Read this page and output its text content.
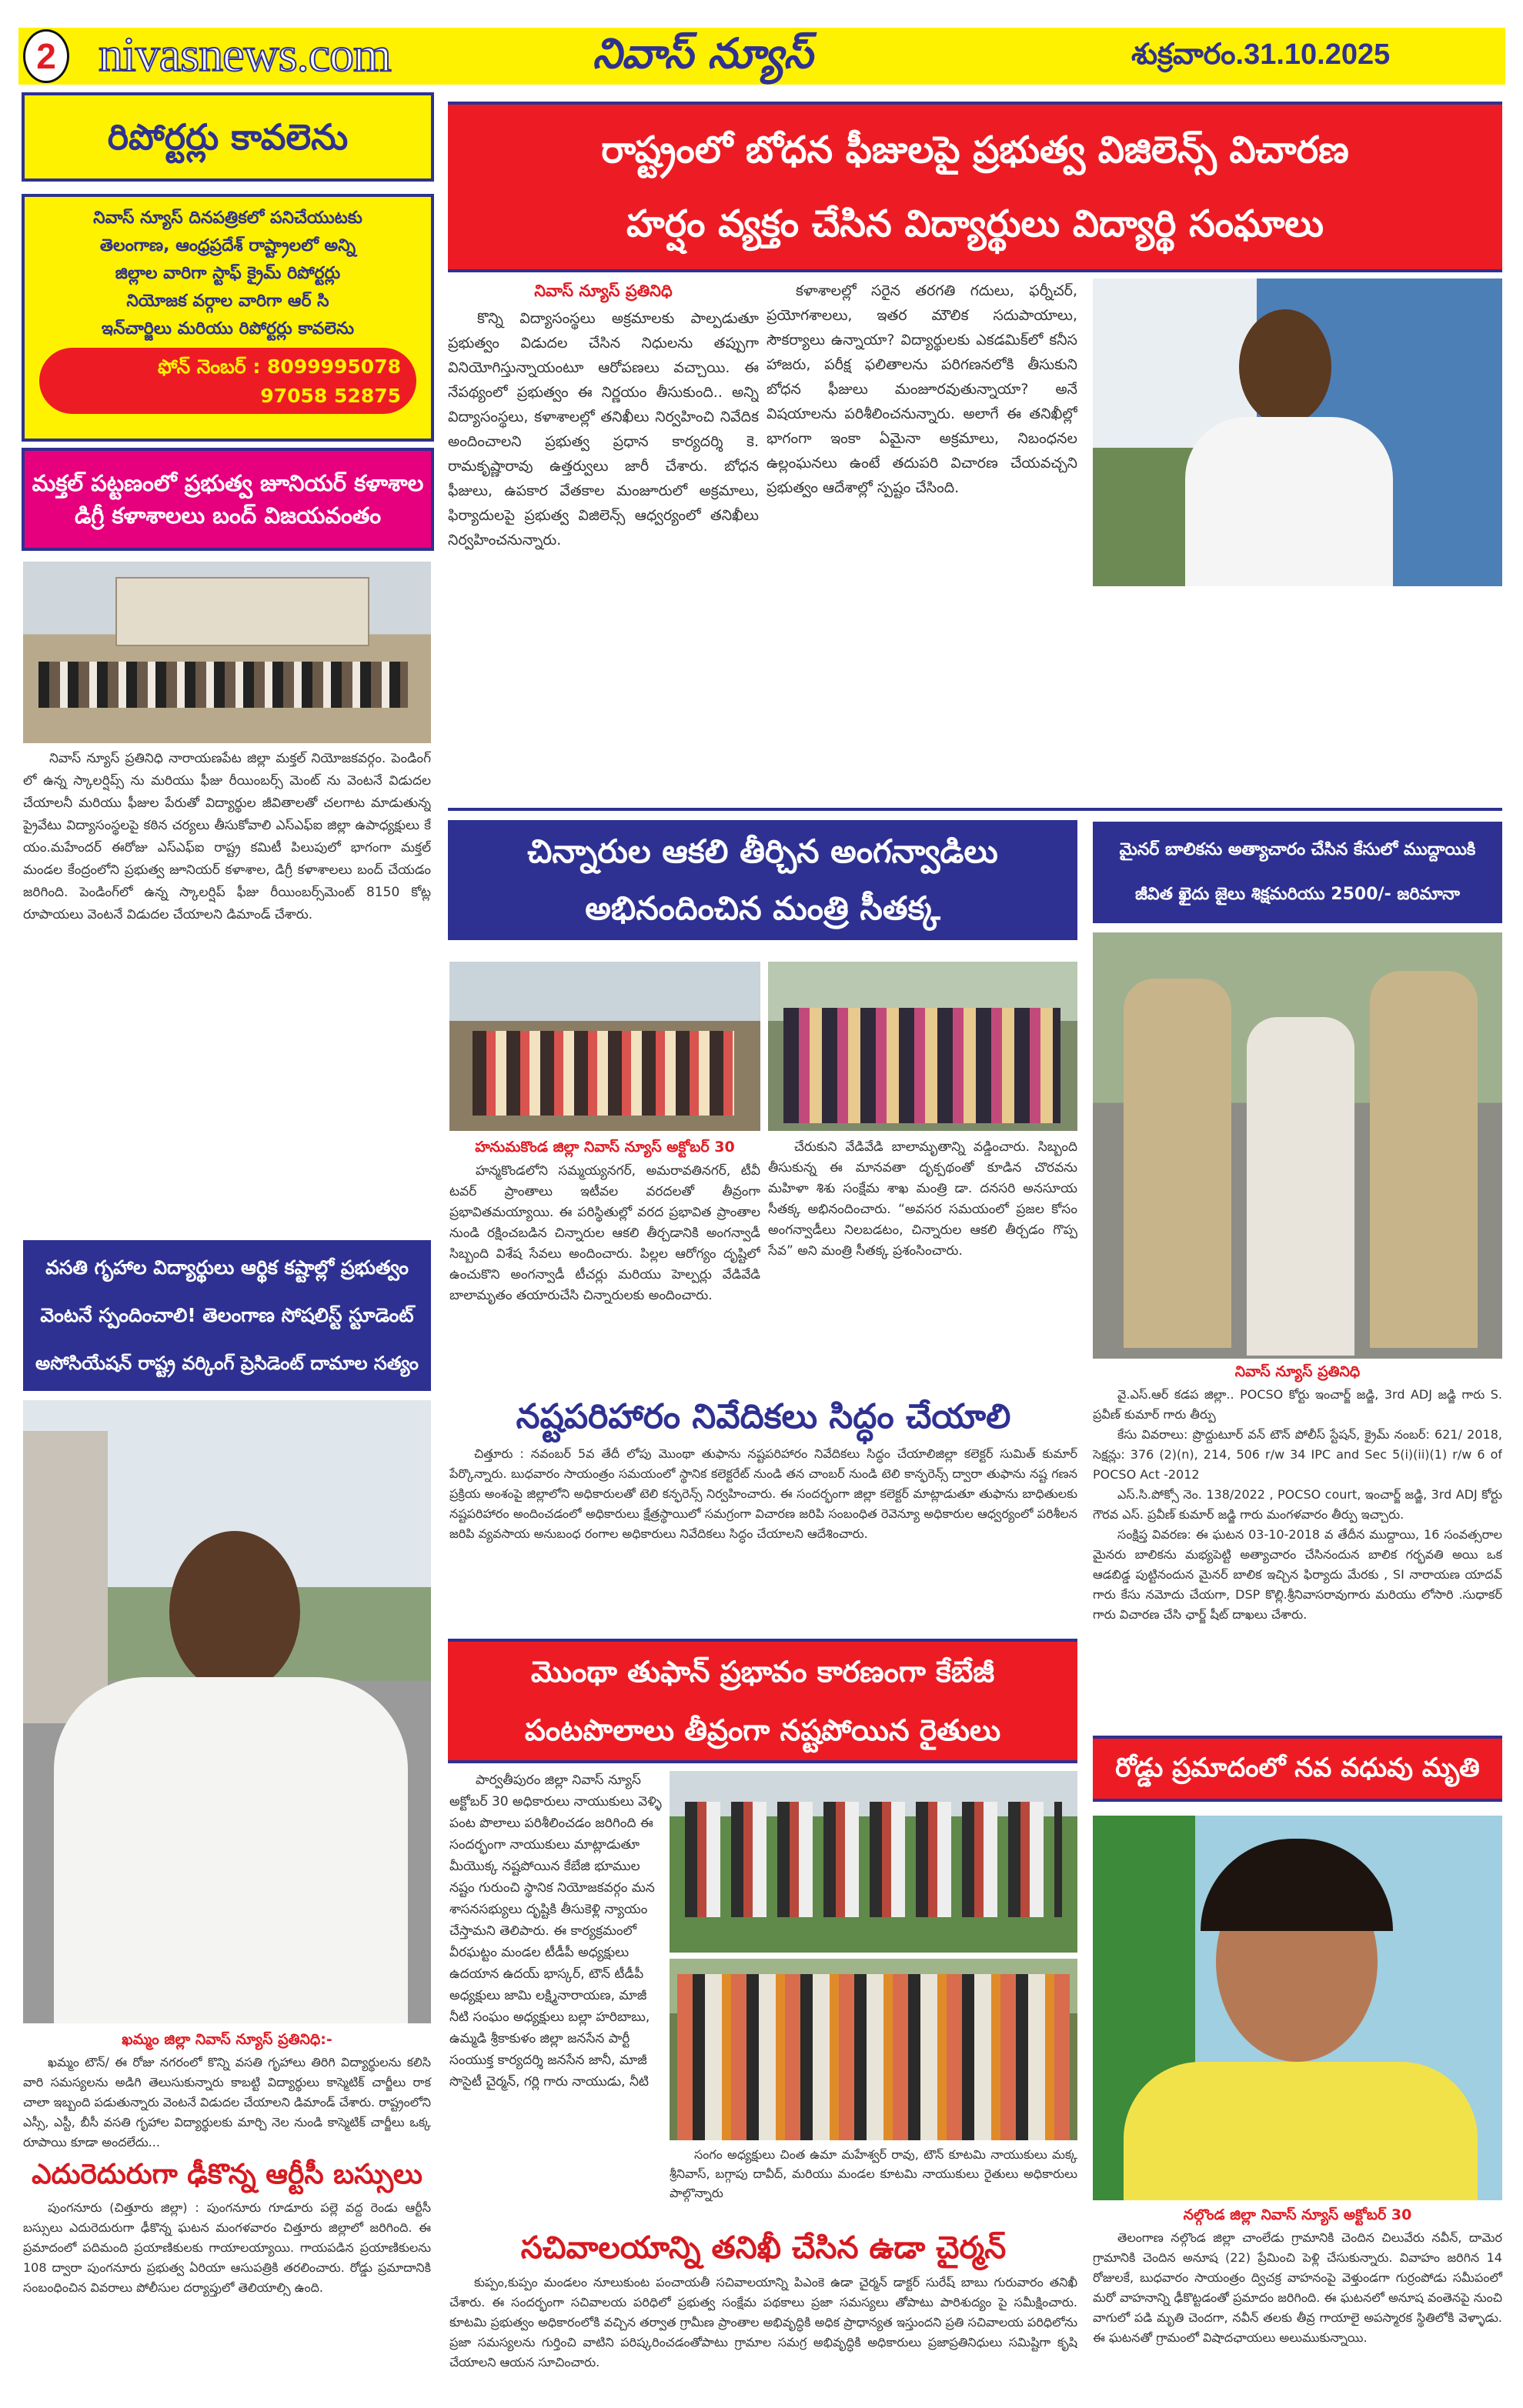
2 nivasnews.com	నివాస్ న్యూస్	శుక్రవారం.31.10.2025
రిపోర్టర్లు కావలెను
నివాస్ న్యూస్ దినపత్రికలో పనిచేయుటకు
తెలంగాణ, ఆంధ్రప్రదేశ్ రాష్ట్రాలలో అన్ని
జిల్లాల వారిగా స్టాఫ్ క్రైమ్ రిపోర్టర్లు
నియోజక వర్గాల వారిగా ఆర్ సి
ఇన్‌చార్జిలు మరియు రిపోర్టర్లు కావలెను
ఫోన్ నెంబర్ : 8099995078
97058 52875
మక్తల్ పట్టణంలో ప్రభుత్వ జూనియర్ కళాశాల
డిగ్రీ కళాశాలలు బంద్ విజయవంతం

నివాస్ న్యూస్ ప్రతినిధి నారాయణపేట జిల్లా మక్తల్ నియోజకవర్గం. పెండింగ్ లో ఉన్న స్కాలర్షిప్స్ ను మరియు ఫీజు రీయింబర్స్ మెంట్ ను వెంటనే విడుదల చేయాలనీ మరియు ఫీజుల పేరుతో విద్యార్థుల జీవితాలతో చలగాట మాడుతున్న ప్రైవేటు విద్యాసంస్థలపై కఠిన చర్యలు తీసుకోవాలి ఎస్ఎఫ్ఐ జిల్లా ఉపాధ్యక్షులు కే యం.మహేందర్ ఈరోజు ఎస్ఎఫ్ఐ రాష్ట్ర కమిటీ పిలుపులో భాగంగా మక్తల్ మండల కేంద్రంలోని ప్రభుత్వ జూనియర్ కళాశాల, డిగ్రీ కళాశాలలు బంద్ చేయడం జరిగింది. పెండింగ్‌లో ఉన్న స్కాలర్షిప్ ఫీజు రీయింబర్స్‌మెంట్ 8150 కోట్ల రూపాయలు వెంటనే విడుదల చేయాలని డిమాండ్ చేశారు.

వసతి గృహాల విద్యార్థులు ఆర్థిక కష్టాల్లో ప్రభుత్వం
వెంటనే స్పందించాలి! తెలంగాణ సోషలిస్ట్ స్టూడెంట్
అసోసియేషన్ రాష్ట్ర వర్కింగ్ ప్రెసిడెంట్ దామాల సత్యం
ఖమ్మం జిల్లా నివాస్ న్యూస్ ప్రతినిధి:-

ఖమ్మం టౌన్/ ఈ రోజు నగరంలో కొన్ని వసతి గృహాలు తిరిగి విద్యార్థులను కలిసి వారి సమస్యలను అడిగి తెలుసుకున్నారు కాబట్టి విద్యార్థులు కాస్మెటిక్ చార్జీలు రాక చాలా ఇబ్బంది పడుతున్నారు వెంటనే విడుదల చేయాలని డిమాండ్ చేశారు. రాష్ట్రంలోని ఎస్సీ, ఎస్టీ, బీసీ వసతి గృహాల విద్యార్థులకు మార్చి నెల నుండి కాస్మెటిక్ చార్జీలు ఒక్క రూపాయి కూడా అందలేదు...

ఎదురెదురుగా ఢీకొన్న ఆర్టీసీ బస్సులు

పుంగనూరు (చిత్తూరు జిల్లా) : పుంగనూరు గూడూరు పల్లె వద్ద రెండు ఆర్టీసీ బస్సులు ఎదురెదురుగా ఢీకొన్న ఘటన మంగళవారం చిత్తూరు జిల్లాలో జరిగింది. ఈ ప్రమాదంలో పదిమంది ప్రయాణికులకు గాయాలయ్యాయి. గాయపడిన ప్రయాణికులను 108 ద్వారా పుంగనూరు ప్రభుత్వ ఏరియా ఆసుపత్రికి తరలించారు. రోడ్డు ప్రమాదానికి సంబంధించిన వివరాలు పోలీసుల దర్యాప్తులో తెలియాల్సి ఉంది.

రాష్ట్రంలో బోధన ఫీజులపై ప్రభుత్వ విజిలెన్స్ విచారణ
హర్షం వ్యక్తం చేసిన విద్యార్థులు విద్యార్థి సంఘాలు
నివాస్ న్యూస్ ప్రతినిధి

కొన్ని విద్యాసంస్థలు అక్రమాలకు పాల్పడుతూ ప్రభుత్వం విడుదల చేసిన నిధులను తప్పుగా వినియోగిస్తున్నాయంటూ ఆరోపణలు వచ్చాయి. ఈ నేపథ్యంలో ప్రభుత్వం ఈ నిర్ణయం తీసుకుంది.. అన్ని విద్యాసంస్థలు, కళాశాలల్లో తనిఖీలు నిర్వహించి నివేదిక అందించాలని ప్రభుత్వ ప్రధాన కార్యదర్శి కె. రామకృష్ణారావు ఉత్తర్వులు జారీ చేశారు. బోధన ఫీజులు, ఉపకార వేతకాల మంజూరులో అక్రమాలు, ఫిర్యాదులపై ప్రభుత్వ విజిలెన్స్ ఆధ్వర్యంలో తనిఖీలు నిర్వహించనున్నారు.

కళాశాలల్లో సరైన తరగతి గదులు, ఫర్నీచర్, ప్రయోగశాలలు, ఇతర మౌలిక సదుపాయాలు, సౌకర్యాలు ఉన్నాయా? విద్యార్థులకు ఎకడమిక్‌లో కనీస హాజరు, పరీక్ష ఫలితాలను పరిగణనలోకి తీసుకుని బోధన ఫీజులు మంజూరవుతున్నాయా? అనే విషయాలను పరిశీలించనున్నారు. అలాగే ఈ తనిఖీల్లో భాగంగా ఇంకా ఏమైనా అక్రమాలు, నిబంధనల ఉల్లంఘనలు ఉంటే తదుపరి విచారణ చేయవచ్చని ప్రభుత్వం ఆదేశాల్లో స్పష్టం చేసింది.

చిన్నారుల ఆకలి తీర్చిన అంగన్వాడిలు
అభినందించిన మంత్రి సీతక్క
హనుమకొండ జిల్లా నివాస్ న్యూస్ అక్టోబర్ 30

హన్మకొండలోని సమ్మయ్యనగర్, అమరావతినగర్, టీవీ టవర్ ప్రాంతాలు ఇటీవల వరదలతో తీవ్రంగా ప్రభావితమయ్యాయి. ఈ పరిస్థితుల్లో వరద ప్రభావిత ప్రాంతాల నుండి రక్షించబడిన చిన్నారుల ఆకలి తీర్చడానికి అంగన్వాడీ సిబ్బంది విశేష సేవలు అందించారు. పిల్లల ఆరోగ్యం దృష్టిలో ఉంచుకొని అంగన్వాడీ టీచర్లు మరియు హెల్పర్లు వేడివేడి బాలామృతం తయారుచేసి చిన్నారులకు అందించారు.

చేరుకుని వేడివేడి బాలామృతాన్ని వడ్డించారు. సిబ్బంది తీసుకున్న ఈ మానవతా దృక్పథంతో కూడిన చొరవను మహిళా శిశు సంక్షేమ శాఖ మంత్రి డా. దనసరి అనసూయ సీతక్క అభినందించారు. “అవసర సమయంలో ప్రజల కోసం అంగన్వాడీలు నిలబడటం, చిన్నారుల ఆకలి తీర్చడం గొప్ప సేవ” అని మంత్రి సీతక్క ప్రశంసించారు.

మైనర్ బాలికను అత్యాచారం చేసిన కేసులో ముద్దాయికి
జీవిత ఖైదు జైలు శిక్షమరియు 2500/- జరిమానా
నివాస్ న్యూస్ ప్రతినిధి

వై.ఎస్.ఆర్ కడప జిల్లా.. POCSO కోర్టు ఇంచార్జ్ జడ్జి, 3rd ADJ జడ్జి గారు S. ప్రవీణ్ కుమార్ గారు తీర్పు

కేసు వివరాలు: ప్రొద్దుటూర్ వన్ టౌన్ పోలీస్ స్టేషన్, క్రైమ్ నంబర్: 621/ 2018, సెక్షన్లు: 376 (2)(n), 214, 506 r/w 34 IPC and Sec 5(i)(ii)(1) r/w 6 of POCSO Act -2012

ఎస్.సి.పోక్సో నెం. 138/2022 , POCSO court, ఇంచార్జ్ జడ్జి, 3rd ADJ కోర్టు గౌరవ ఎస్. ప్రవీణ్ కుమార్ జడ్జి గారు మంగళవారం తీర్పు ఇచ్చారు.

సంక్షిప్త వివరణ: ఈ ఘటన 03-10-2018 వ తేదీన ముద్దాయి, 16 సంవత్సరాల మైనరు బాలికను మభ్యపెట్టి అత్యాచారం చేసినందున బాలిక గర్భవతి అయి ఒక ఆడబిడ్డ పుట్టినందున మైనర్ బాలిక ఇచ్చిన ఫిర్యాదు మేరకు , SI నారాయణ యాదవ్ గారు కేసు నమోదు చేయగా, DSP కొల్లి.శ్రీనివాసరావుగారు మరియు లోసారి .సుధాకర్ గారు విచారణ చేసి ఛార్జ్ షీట్ దాఖలు చేశారు.

నష్టపరిహారం నివేదికలు సిద్ధం చేయాలి

చిత్తూరు : నవంబర్ 5వ తేదీ లోపు మొంథా తుఫాను నష్టపరిహారం నివేదికలు సిద్ధం చేయాలిజిల్లా కలెక్టర్ సుమిత్ కుమార్ పేర్కొన్నారు. బుధవారం సాయంత్రం సమయంలో స్థానిక కలెక్టరేట్ నుండి తన చాంబర్ నుండి టెలి కాన్ఫరెన్స్ ద్వారా తుఫాను నష్ట గణన ప్రక్రియ అంశంపై జిల్లాలోని అధికారులతో టెలి కన్ఫరెన్స్ నిర్వహించారు. ఈ సందర్భంగా జిల్లా కలెక్టర్ మాట్లాడుతూ తుఫాను బాధితులకు నష్టపరిహారం అందించడంలో అధికారులు క్షేత్రస్థాయిలో సమగ్రంగా విచారణ జరిపి సంబంధిత రెవెన్యూ అధికారుల ఆధ్వర్యంలో పరిశీలన జరిపి వ్యవసాయ అనుబంధ రంగాల అధికారులు నివేదికలు సిద్ధం చేయాలని ఆదేశించారు.

మొంథా తుఫాన్ ప్రభావం కారణంగా కేబేజీ
పంటపొలాలు తీవ్రంగా నష్టపోయిన రైతులు

పార్వతీపురం జిల్లా నివాస్ న్యూస్ అక్టోబర్ 30 అధికారులు నాయుకులు వెళ్ళి పంట పొలాలు పరిశీలించడం జరిగింది ఈ సందర్భంగా నాయుకులు మాట్లాడుతూ మీయొక్క నష్టపోయిన కేబేజి భూముల నష్టం గురుంచి స్థానిక నియోజకవర్గం మన శాసనసభ్యులు దృష్టికి తీసుకెళ్లి న్యాయం చేస్తామని తెలిపారు. ఈ కార్యక్రమంలో వీరఘట్టం మండల టీడీపీ అధ్యక్షులు ఉదయాన ఉదయ్ భాస్కర్, టౌన్ టీడీపీ అధ్యక్షులు జామి లక్ష్మినారాయణ, మాజీ నీటి సంఘం అధ్యక్షులు బల్లా హరిబాబు, ఉమ్మడి శ్రీకాకుళం జిల్లా జనసేన పార్టీ సంయుక్త కార్యదర్శి జనసేన జానీ, మాజీ సొసైటీ చైర్మన్, గర్లి గారు నాయుడు, నీటి

సంగం అధ్యక్షులు చింత ఉమా మహేశ్వర్ రావు, టౌన్ కూటమి నాయుకులు మక్క శ్రీనివాస్, బగ్గాపు దావీద్, మరియు మండల కూటమి నాయుకులు రైతులు అధికారులు పాల్గొన్నారు

రోడ్డు ప్రమాదంలో నవ వధువు మృతి
నల్గొండ జిల్లా నివాస్ న్యూస్ అక్టోబర్ 30

తెలంగాణ నల్గొండ జిల్లా చాంలేడు గ్రామానికి చెందిన చిలువేరు నవీన్, దామెర గ్రామానికి చెందిన అనూష (22) ప్రేమించి పెళ్లి చేసుకున్నారు. వివాహం జరిగిన 14 రోజులకే, బుధవారం సాయంత్రం ద్విచక్ర వాహనంపై వెళ్తుండగా గుర్రంపోడు సమీపంలో మరో వాహనాన్ని ఢీకొట్టడంతో ప్రమాదం జరిగింది. ఈ ఘటనలో అనూష వంతెనపై నుంచి వాగులో పడి మృతి చెందగా, నవీన్ తలకు తీవ్ర గాయాలై అపస్మారక స్థితిలోకి వెళ్ళాడు. ఈ ఘటనతో గ్రామంలో విషాదఛాయలు అలుముకున్నాయి.

సచివాలయాన్ని తనిఖీ చేసిన ఉడా చైర్మన్

కుప్పం,కుప్పం మండలం నూలుకుంట పంచాయతీ సచివాలయాన్ని పిఎంకె ఉడా చైర్మన్ డాక్టర్ సురేష్ బాబు గురువారం తనిఖీ చేశారు. ఈ సందర్భంగా సచివాలయ పరిధిలో ప్రభుత్వ సంక్షేమ పథకాలు ప్రజా సమస్యలు తోపాటు పారిశుద్యం పై సమీక్షించారు. కూటమి ప్రభుత్వం అధికారంలోకి వచ్చిన తర్వాత గ్రామీణ ప్రాంతాల అభివృద్ధికి అధిక ప్రాధాన్యత ఇస్తుందని ప్రతి సచివాలయ పరిధిలోను ప్రజా సమస్యలను గుర్తించి వాటిని పరిష్కరించడంతోపాటు గ్రామాల సమగ్ర అభివృద్ధికి అధికారులు ప్రజాప్రతినిధులు సమిష్టిగా కృషి చేయాలని ఆయన సూచించారు.
